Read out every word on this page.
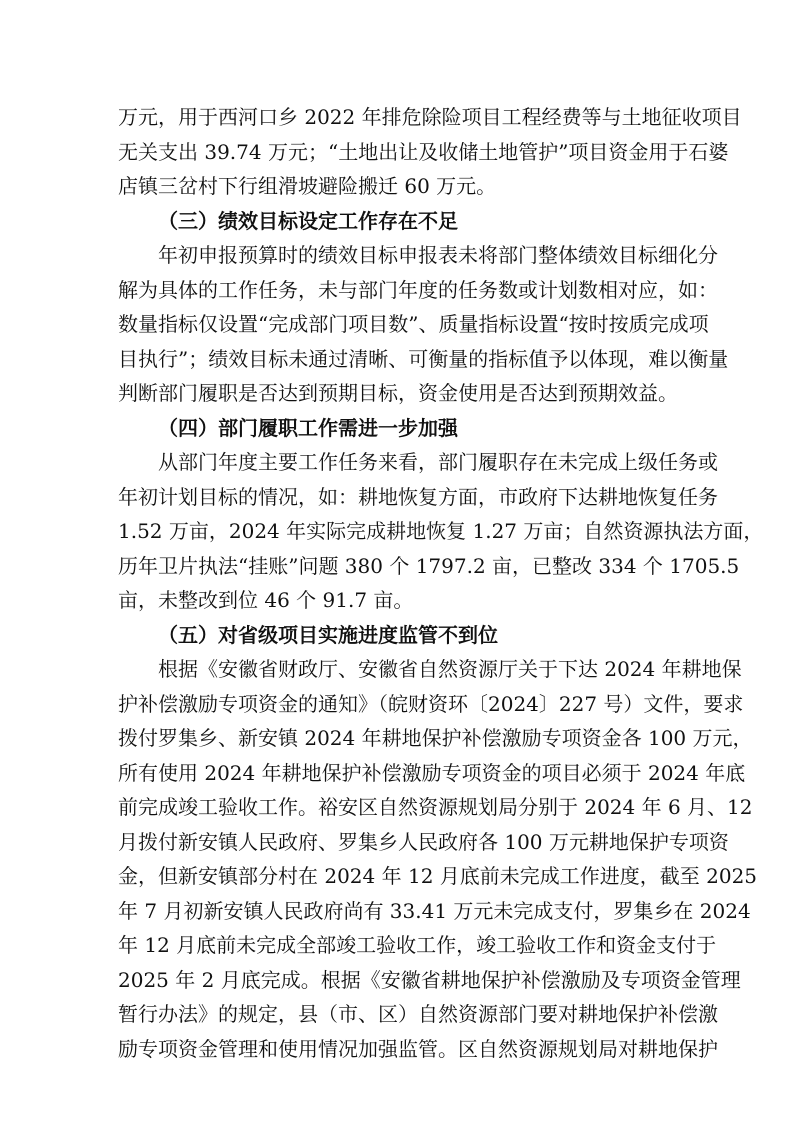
万元，用于西河口乡 2022 年排危除险项目工程经费等与土地征收项目
无关支出 39.74 万元；“土地出让及收储土地管护”项目资金用于石婆
店镇三岔村下行组滑坡避险搬迁 60 万元。
（三）绩效目标设定工作存在不足
年初申报预算时的绩效目标申报表未将部门整体绩效目标细化分
解为具体的工作任务，未与部门年度的任务数或计划数相对应，如：
数量指标仅设置“完成部门项目数”、质量指标设置“按时按质完成项
目执行”；绩效目标未通过清晰、可衡量的指标值予以体现，难以衡量
判断部门履职是否达到预期目标，资金使用是否达到预期效益。
（四）部门履职工作需进一步加强
从部门年度主要工作任务来看，部门履职存在未完成上级任务或
年初计划目标的情况，如：耕地恢复方面，市政府下达耕地恢复任务
1.52 万亩，2024 年实际完成耕地恢复 1.27 万亩；自然资源执法方面，
历年卫片执法“挂账”问题 380 个 1797.2 亩，已整改 334 个 1705.5
亩，未整改到位 46 个 91.7 亩。
（五）对省级项目实施进度监管不到位
根据《安徽省财政厅、安徽省自然资源厅关于下达 2024 年耕地保
护补偿激励专项资金的通知》（皖财资环〔2024〕227 号）文件，要求
拨付罗集乡、新安镇 2024 年耕地保护补偿激励专项资金各 100 万元，
所有使用 2024 年耕地保护补偿激励专项资金的项目必须于 2024 年底
前完成竣工验收工作。裕安区自然资源规划局分别于 2024 年 6 月、12
月拨付新安镇人民政府、罗集乡人民政府各 100 万元耕地保护专项资
金，但新安镇部分村在 2024 年 12 月底前未完成工作进度，截至 2025
年 7 月初新安镇人民政府尚有 33.41 万元未完成支付，罗集乡在 2024
年 12 月底前未完成全部竣工验收工作，竣工验收工作和资金支付于
2025 年 2 月底完成。根据《安徽省耕地保护补偿激励及专项资金管理
暂行办法》的规定，县（市、区）自然资源部门要对耕地保护补偿激
励专项资金管理和使用情况加强监管。区自然资源规划局对耕地保护
